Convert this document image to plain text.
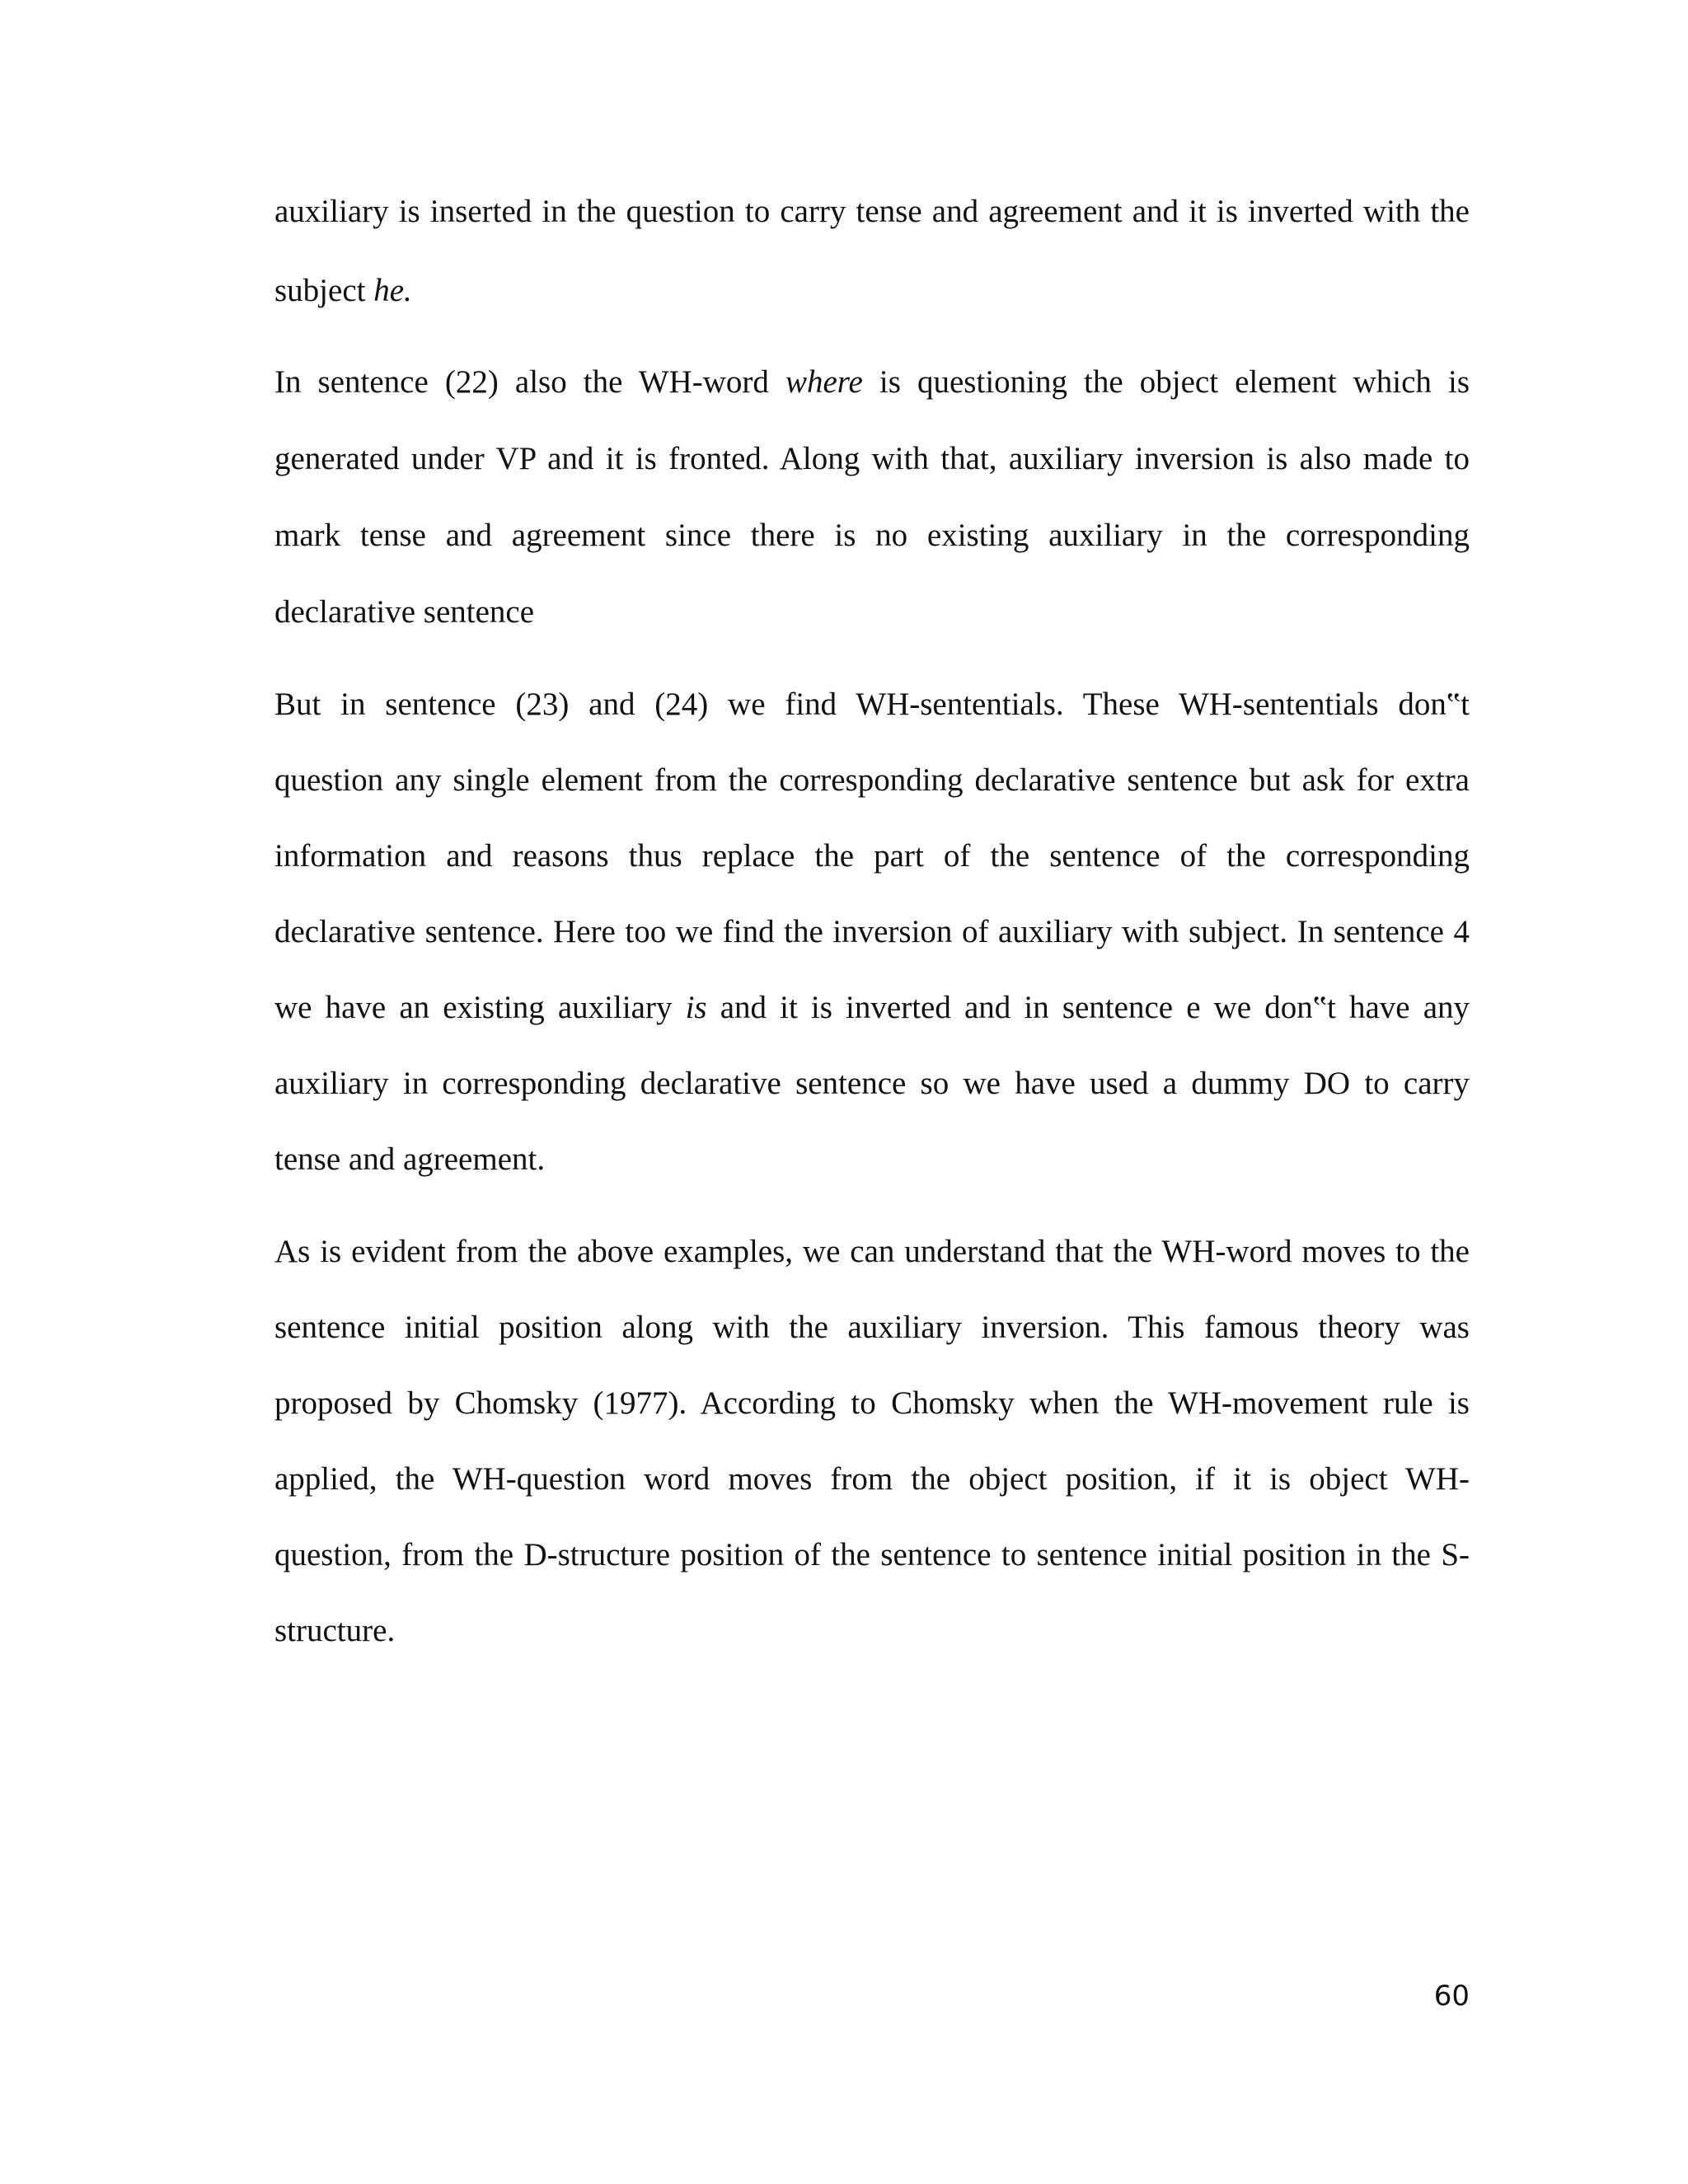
auxiliary is inserted in the question to carry tense and agreement and it is inverted with the

subject he.

In sentence (22) also the WH-word where is questioning the object element which is

generated under VP and it is fronted. Along with that, auxiliary inversion is also made to

mark tense and agreement since there is no existing auxiliary in the corresponding

declarative sentence

But in sentence (23) and (24) we find WH-sententials. These WH-sententials don‟t

question any single element from the corresponding declarative sentence but ask for extra

information and reasons thus replace the part of the sentence of the corresponding

declarative sentence. Here too we find the inversion of auxiliary with subject. In sentence 4

we have an existing auxiliary is and it is inverted and in sentence e we don‟t have any

auxiliary in corresponding declarative sentence so we have used a dummy DO to carry

tense and agreement.

As is evident from the above examples, we can understand that the WH-word moves to the

sentence initial position along with the auxiliary inversion. This famous theory was

proposed by Chomsky (1977). According to Chomsky when the WH-movement rule is

applied, the WH-question word moves from the object position, if it is object WH-

question, from the D-structure position of the sentence to sentence initial position in the S-

structure.

60
